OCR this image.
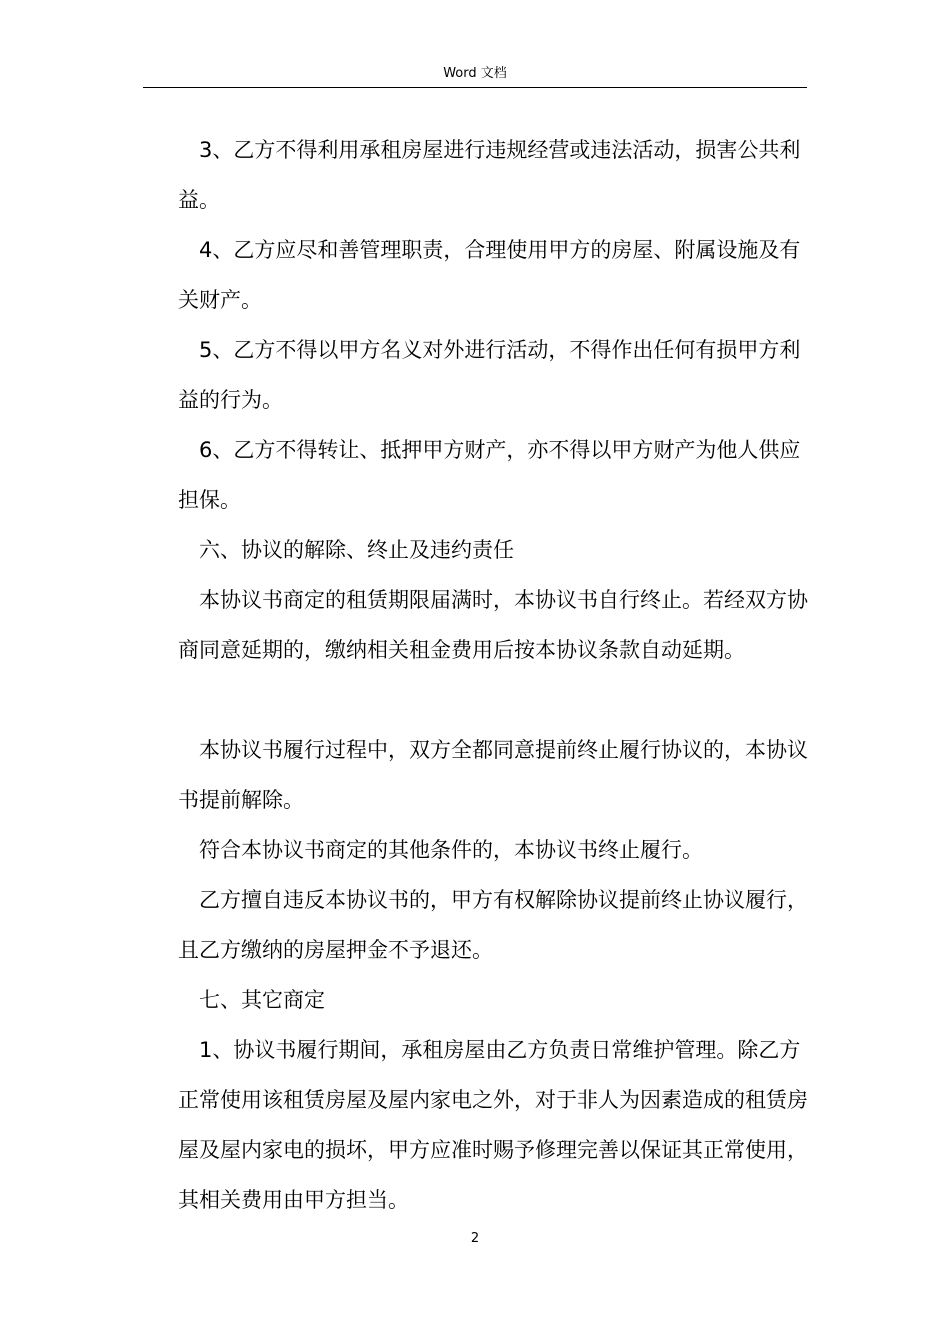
Word 文档

3、乙方不得利用承租房屋进行违规经营或违法活动，损害公共利益。

4、乙方应尽和善管理职责，合理使用甲方的房屋、附属设施及有关财产。

5、乙方不得以甲方名义对外进行活动，不得作出任何有损甲方利益的行为。

6、乙方不得转让、抵押甲方财产，亦不得以甲方财产为他人供应担保。

六、协议的解除、终止及违约责任

本协议书商定的租赁期限届满时，本协议书自行终止。若经双方协商同意延期的，缴纳相关租金费用后按本协议条款自动延期。

本协议书履行过程中，双方全都同意提前终止履行协议的，本协议书提前解除。

符合本协议书商定的其他条件的，本协议书终止履行。

乙方擅自违反本协议书的，甲方有权解除协议提前终止协议履行，且乙方缴纳的房屋押金不予退还。

七、其它商定

1、协议书履行期间，承租房屋由乙方负责日常维护管理。除乙方正常使用该租赁房屋及屋内家电之外，对于非人为因素造成的租赁房屋及屋内家电的损坏，甲方应准时赐予修理完善以保证其正常使用，其相关费用由甲方担当。

2
